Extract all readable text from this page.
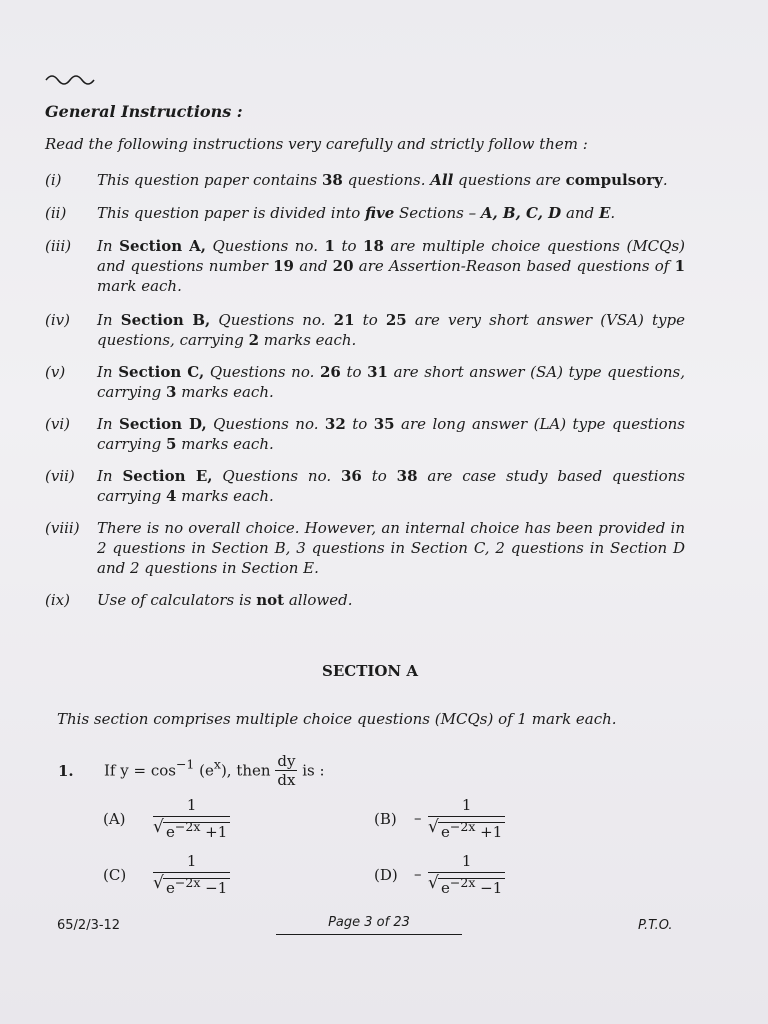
General Instructions :
Read the following instructions very carefully and strictly follow them :
(i) This question paper contains 38 questions. All questions are compulsory.
(ii) This question paper is divided into five Sections – A, B, C, D and E.
(iii) In Section A, Questions no. 1 to 18 are multiple choice questions (MCQs) and questions number 19 and 20 are Assertion-Reason based questions of 1 mark each.
(iv) In Section B, Questions no. 21 to 25 are very short answer (VSA) type questions, carrying 2 marks each.
(v) In Section C, Questions no. 26 to 31 are short answer (SA) type questions, carrying 3 marks each.
(vi) In Section D, Questions no. 32 to 35 are long answer (LA) type questions carrying 5 marks each.
(vii) In Section E, Questions no. 36 to 38 are case study based questions carrying 4 marks each.
(viii) There is no overall choice. However, an internal choice has been provided in 2 questions in Section B, 3 questions in Section C, 2 questions in Section D and 2 questions in Section E.
(ix) Use of calculators is not allowed.
SECTION A
This section comprises multiple choice questions (MCQs) of 1 mark each.
1. If $y = \cos^{-1} (e^x)$, then $\frac{dy}{dx}$ is :
$(A) \frac{1}{√ e^{-2x} +1}$	$(B) - \frac{1}{√ e^{-2x} +1}$
$(C) \frac{1}{√ e^{-2x} -1}$	$(D) - \frac{1}{√ e^{-2x} -1}$
65/2/3-12	Page 3 of 23	P.T.O.
